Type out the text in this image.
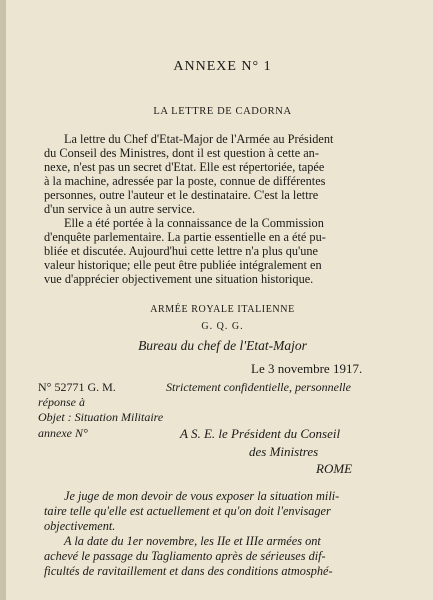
ANNEXE N° 1
LA LETTRE DE CADORNA
La lettre du Chef d'Etat-Major de l'Armée au Président
du Conseil des Ministres, dont il est question à cette an-
nexe, n'est pas un secret d'Etat. Elle est répertoriée, tapée
à la machine, adressée par la poste, connue de différentes
personnes, outre l'auteur et le destinataire. C'est la lettre
d'un service à un autre service.
Elle a été portée à la connaissance de la Commission
d'enquête parlementaire. La partie essentielle en a été pu-
bliée et discutée. Aujourd'hui cette lettre n'a plus qu'une
valeur historique; elle peut être publiée intégralement en
vue d'apprécier objectivement une situation historique.
ARMÉE ROYALE ITALIENNE
G. Q. G.
Bureau du chef de l'Etat-Major
Le 3 novembre 1917.
N° 52771 G. M.	Strictement confidentielle, personnelle
réponse à
Objet : Situation Militaire
annexe N°	A S. E. le Président du Conseil
des Ministres
ROME
Je juge de mon devoir de vous exposer la situation mili-
taire telle qu'elle est actuellement et qu'on doit l'envisager
objectivement.
A la date du 1er novembre, les IIe et IIIe armées ont
achevé le passage du Tagliamento après de sérieuses dif-
ficultés de ravitaillement et dans des conditions atmosphé-
